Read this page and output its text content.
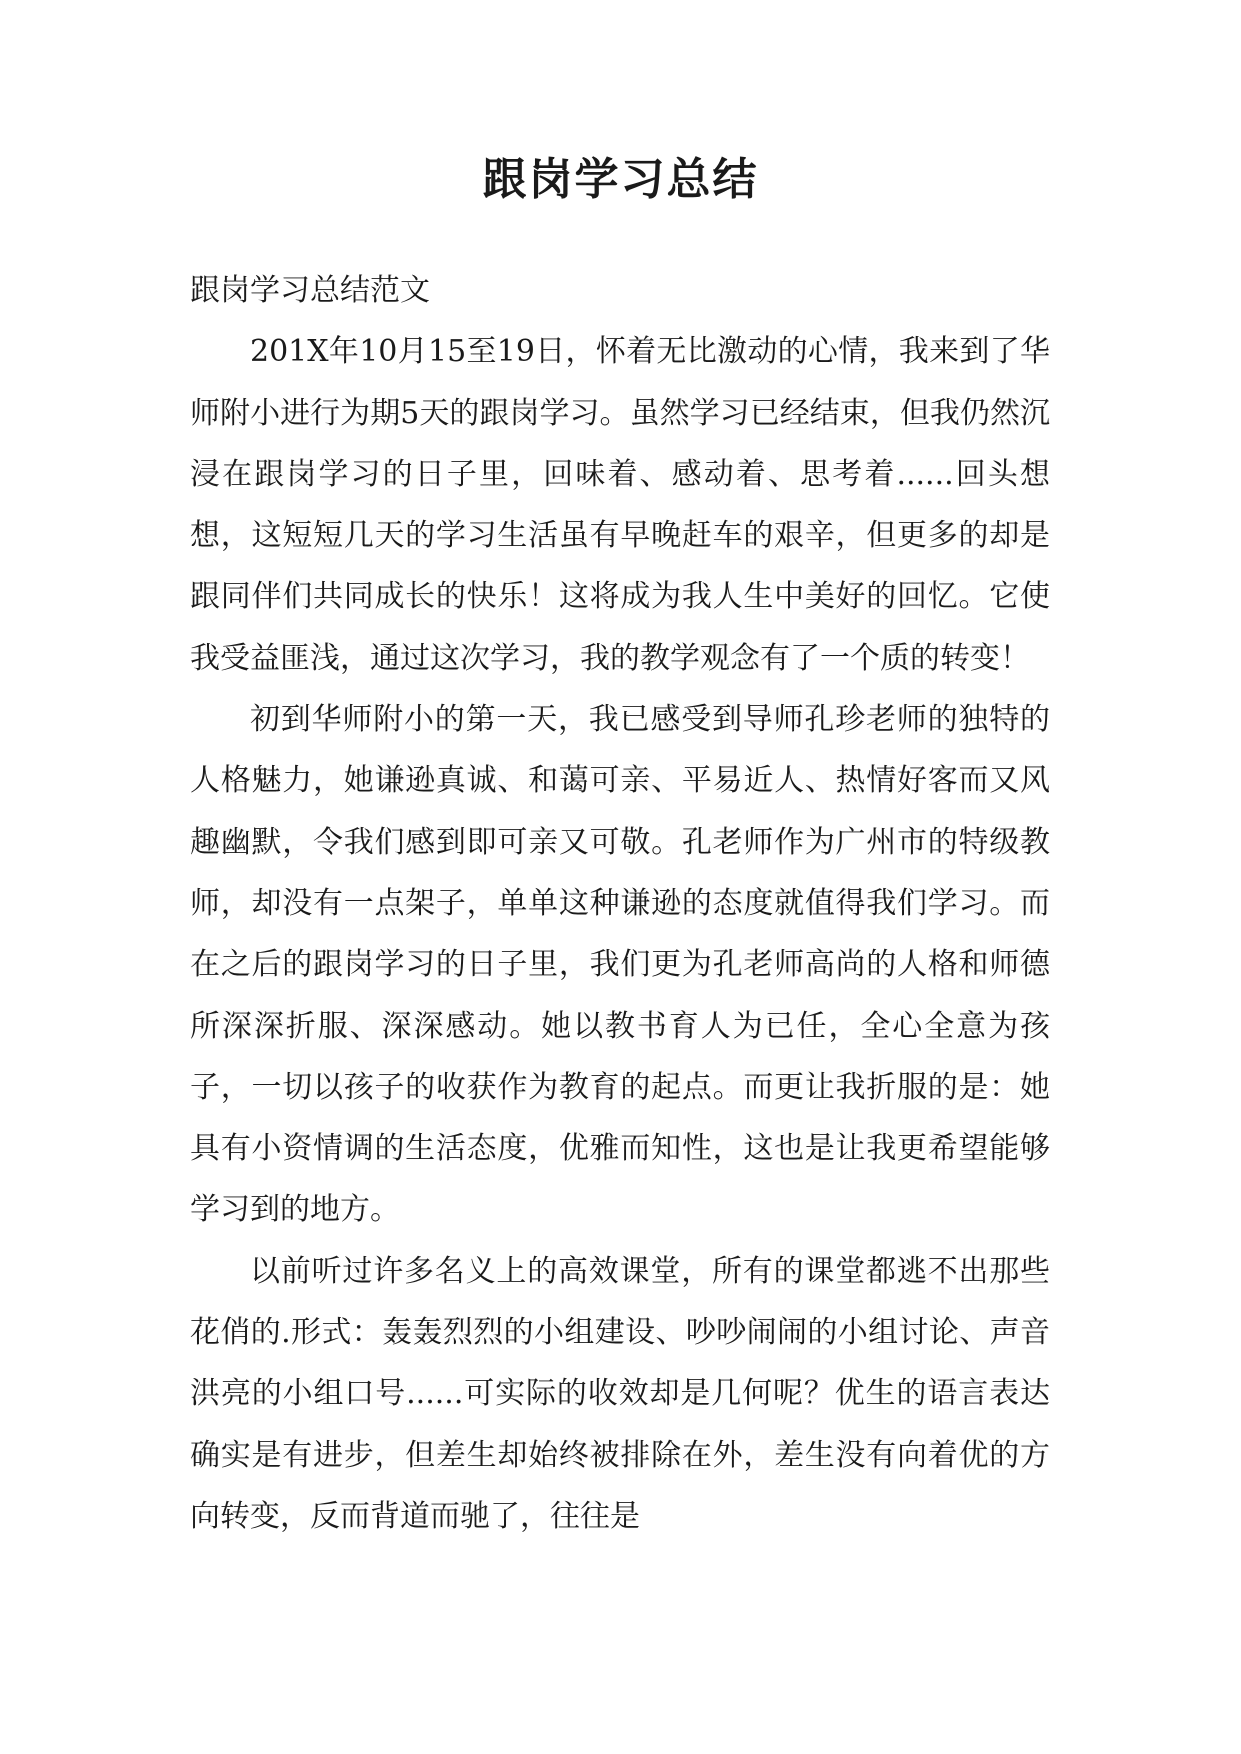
跟岗学习总结

跟岗学习总结范文

201X年10月15至19日，怀着无比激动的心情，我来到了华师附小进行为期5天的跟岗学习。虽然学习已经结束，但我仍然沉浸在跟岗学习的日子里，回味着、感动着、思考着......回头想想，这短短几天的学习生活虽有早晚赶车的艰辛，但更多的却是跟同伴们共同成长的快乐！这将成为我人生中美好的回忆。它使我受益匪浅，通过这次学习，我的教学观念有了一个质的转变！

初到华师附小的第一天，我已感受到导师孔珍老师的独特的人格魅力，她谦逊真诚、和蔼可亲、平易近人、热情好客而又风趣幽默，令我们感到即可亲又可敬。孔老师作为广州市的特级教师，却没有一点架子，单单这种谦逊的态度就值得我们学习。而在之后的跟岗学习的日子里，我们更为孔老师高尚的人格和师德所深深折服、深深感动。她以教书育人为已任，全心全意为孩子，一切以孩子的收获作为教育的起点。而更让我折服的是：她具有小资情调的生活态度，优雅而知性，这也是让我更希望能够学习到的地方。

以前听过许多名义上的高效课堂，所有的课堂都逃不出那些花俏的.形式：轰轰烈烈的小组建设、吵吵闹闹的小组讨论、声音洪亮的小组口号......可实际的收效却是几何呢？优生的语言表达确实是有进步，但差生却始终被排除在外，差生没有向着优的方向转变，反而背道而驰了，往往是
